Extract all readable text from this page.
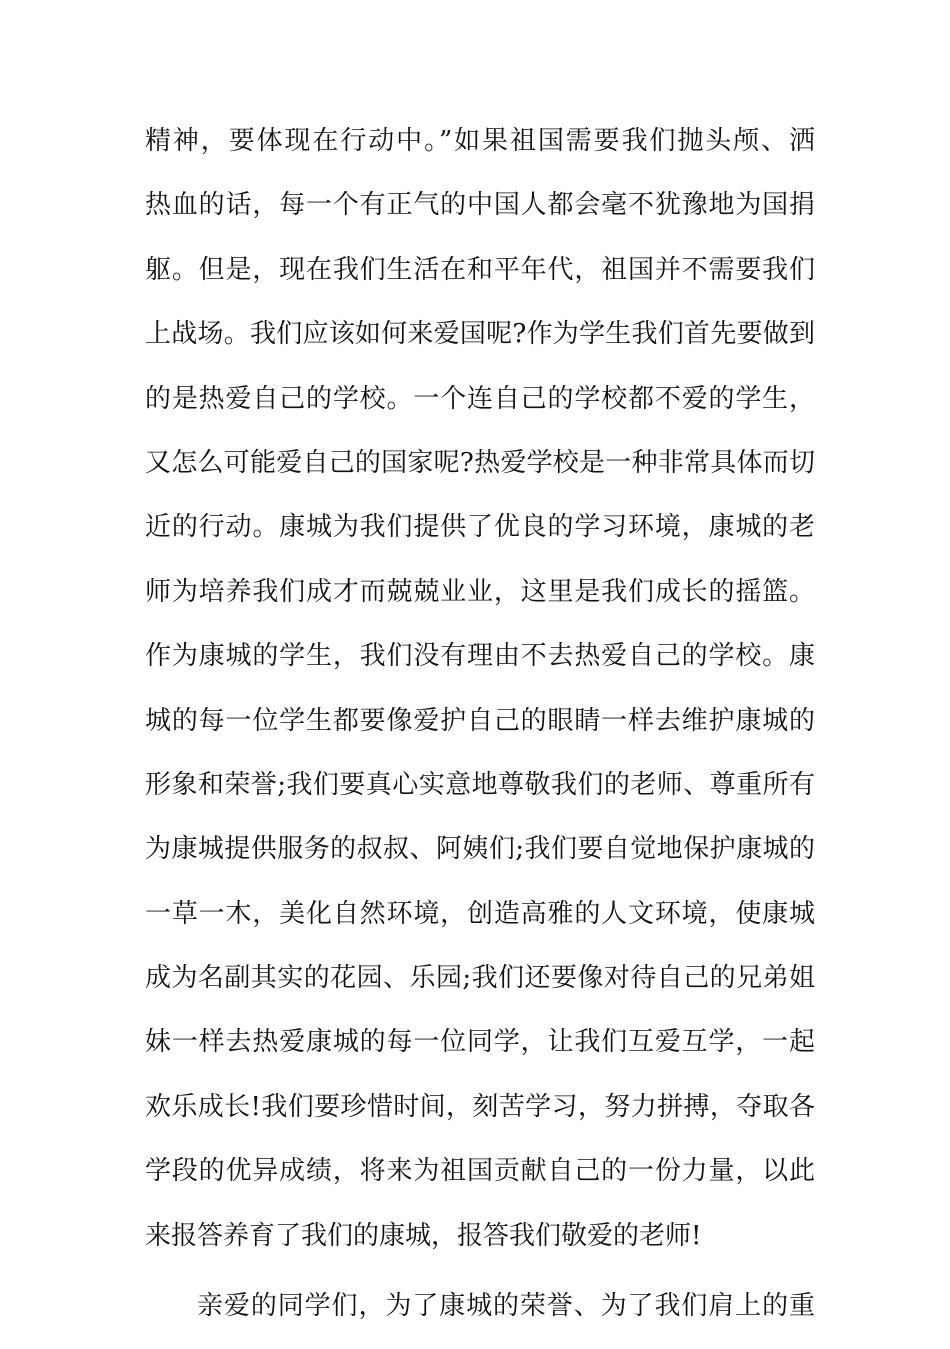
精神，要体现在行动中。”如果祖国需要我们抛头颅、洒
热血的话，每一个有正气的中国人都会毫不犹豫地为国捐
躯。但是，现在我们生活在和平年代，祖国并不需要我们
上战场。我们应该如何来爱国呢?作为学生我们首先要做到
的是热爱自己的学校。一个连自己的学校都不爱的学生，
又怎么可能爱自己的国家呢?热爱学校是一种非常具体而切
近的行动。康城为我们提供了优良的学习环境，康城的老
师为培养我们成才而兢兢业业，这里是我们成长的摇篮。
作为康城的学生，我们没有理由不去热爱自己的学校。康
城的每一位学生都要像爱护自己的眼睛一样去维护康城的
形象和荣誉;我们要真心实意地尊敬我们的老师、尊重所有
为康城提供服务的叔叔、阿姨们;我们要自觉地保护康城的
一草一木，美化自然环境，创造高雅的人文环境，使康城
成为名副其实的花园、乐园;我们还要像对待自己的兄弟姐
妹一样去热爱康城的每一位同学，让我们互爱互学，一起
欢乐成长!我们要珍惜时间，刻苦学习，努力拼搏，夺取各
学段的优异成绩，将来为祖国贡献自己的一份力量，以此
来报答养育了我们的康城，报答我们敬爱的老师!
亲爱的同学们，为了康城的荣誉、为了我们肩上的重
